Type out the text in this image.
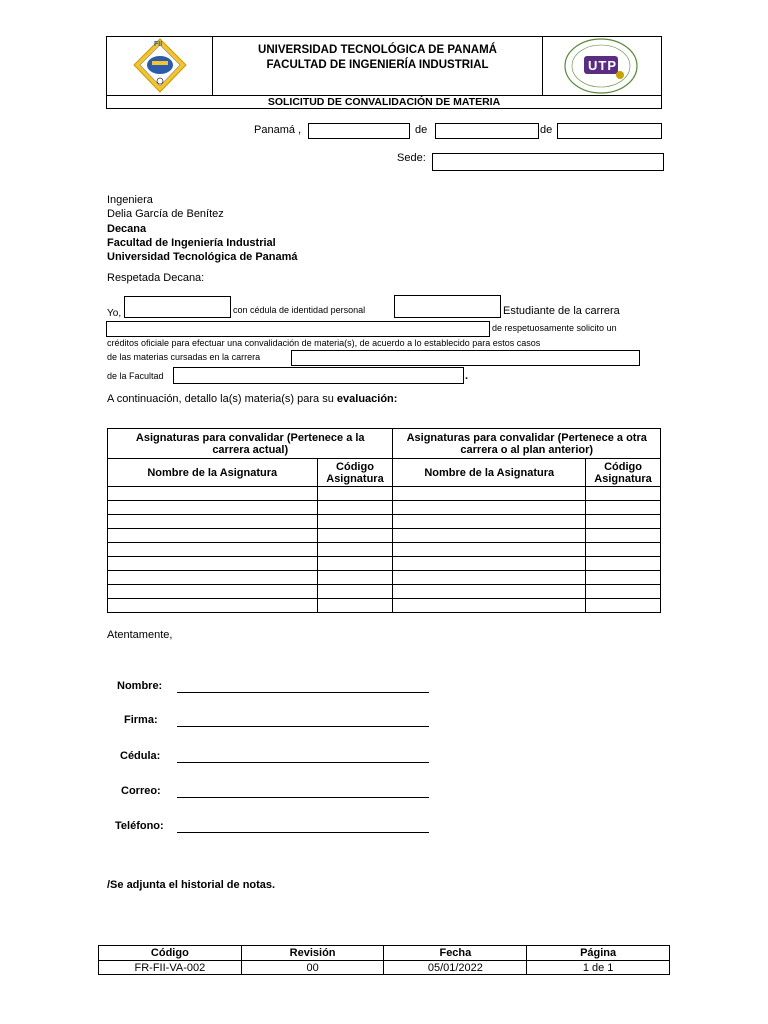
FII	UNIVERSIDAD TECNOLÓGICA DE PANAMÁ
FACULTAD DE INGENIERÍA INDUSTRIAL	UTP
SOLICITUD DE CONVALIDACIÓN DE MATERIA
Panamá ,	de	de
Sede:
Ingeniera
Delia García de Benítez
Decana
Facultad de Ingeniería Industrial
Universidad Tecnológica de Panamá
Respetada Decana:
Yo,	con cédula de identidad personal	Estudiante de la carrera
de respetuosamente solicito un
créditos oficiale para efectuar una convalidación de materia(s), de acuerdo a lo establecido para estos casos
de las materias cursadas en la carrera
de la Facultad	.
A continuación, detallo la(s) materia(s) para su evaluación:
Asignaturas para convalidar (Pertenece a la carrera actual)		Asignaturas para convalidar (Pertenece a otra carrera o al plan anterior)	
Nombre de la Asignatura	Código Asignatura	Nombre de la Asignatura	Código Asignatura

Atentamente,
Nombre:
Firma:
Cédula:
Correo:
Teléfono:
/Se adjunta el historial de notas.
Código	Revisión	Fecha	Página
FR-FII-VA-002	00	05/01/2022	1 de 1
